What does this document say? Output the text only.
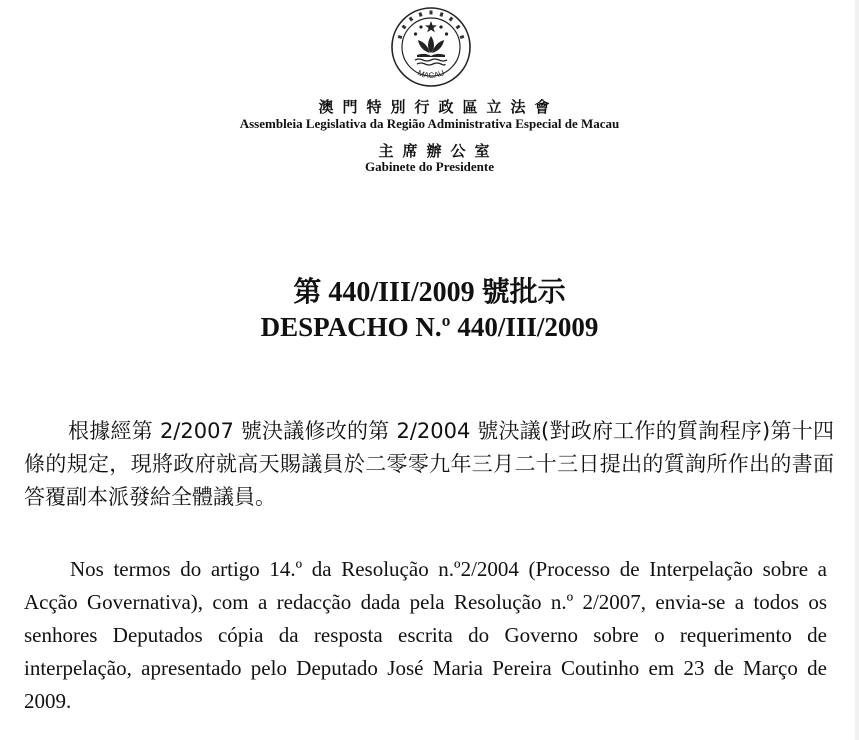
MACAU
澳門特別行政區立法會
Assembleia Legislativa da Região Administrativa Especial de Macau
主席辦公室
Gabinete do Presidente
第 440/III/2009 號批示
DESPACHO N.º 440/III/2009

根據經第 2/2007 號決議修改的第 2/2004 號決議(對政府工作的質詢程序)第十四條的規定，現將政府就高天賜議員於二零零九年三月二十三日提出的質詢所作出的書面答覆副本派發給全體議員。

Nos termos do artigo 14.º da Resolução n.º2/2004 (Processo de Interpelação sobre a Acção Governativa), com a redacção dada pela Resolução n.º 2/2007, envia-se a todos os senhores Deputados cópia da resposta escrita do Governo sobre o requerimento de interpelação, apresentado pelo Deputado José Maria Pereira Coutinho em 23 de Março de 2009.
